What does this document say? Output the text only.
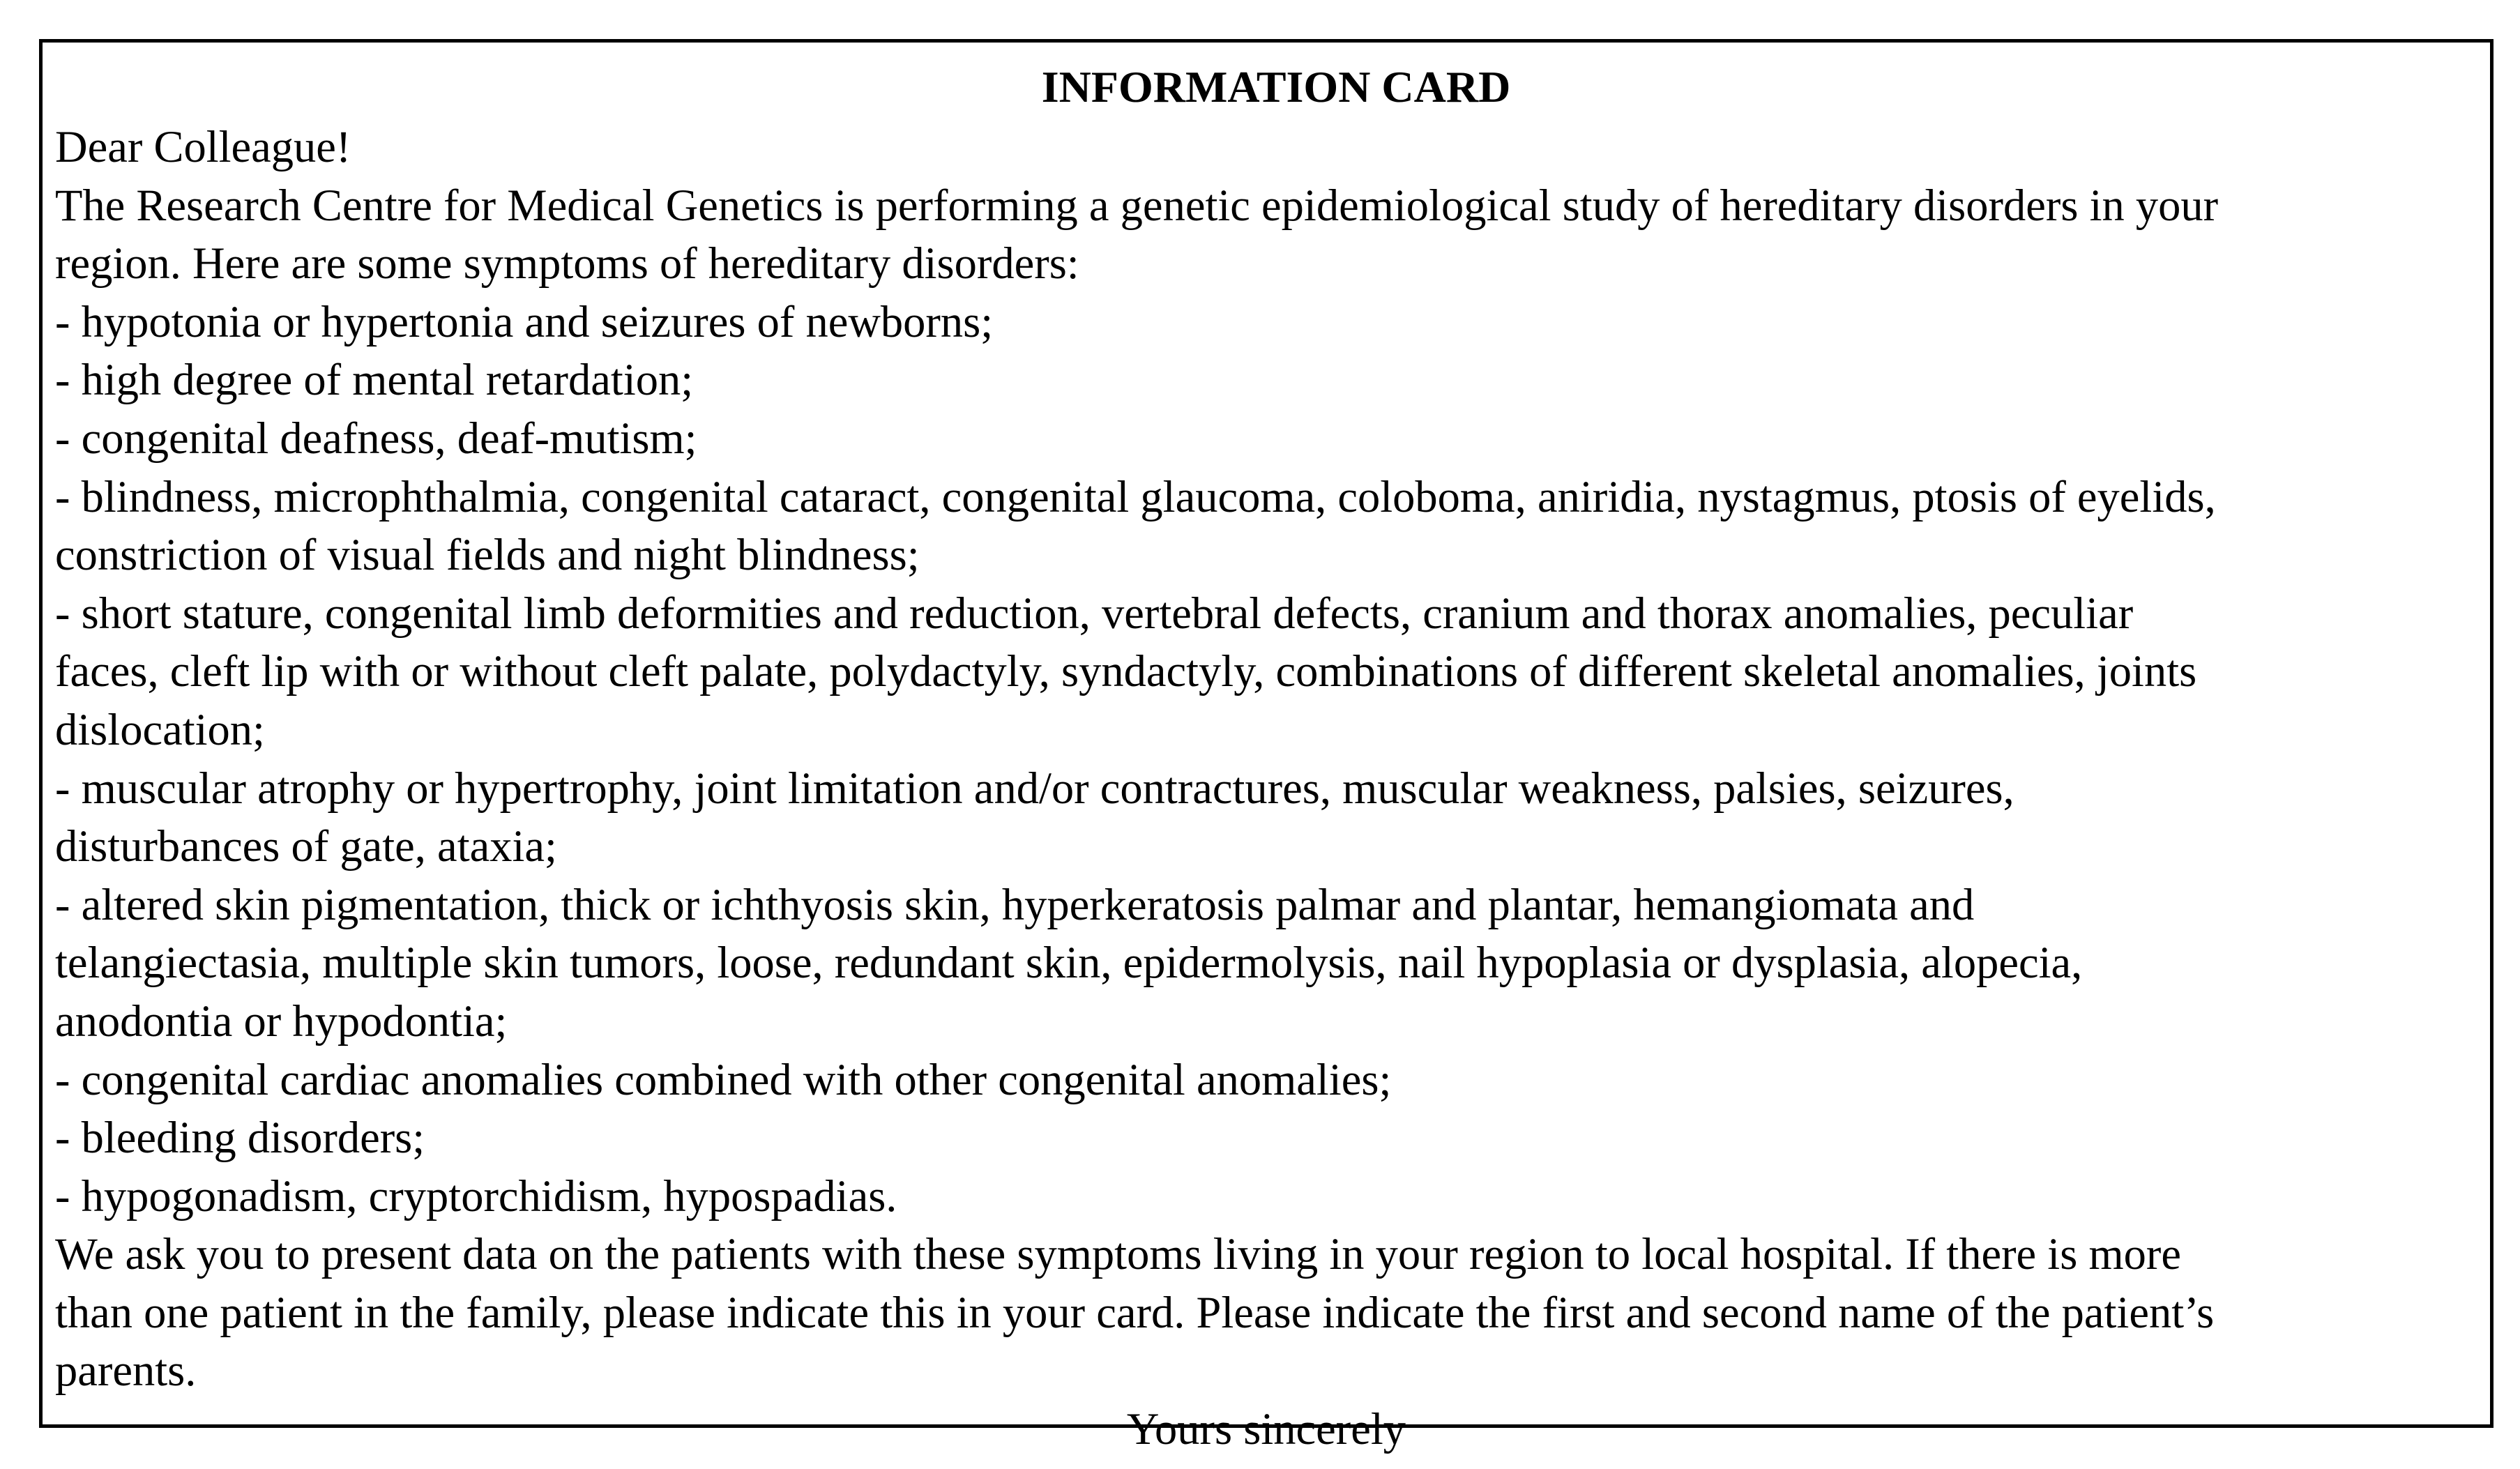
INFORMATION CARD

Dear Colleague!

The Research Centre for Medical Genetics is performing a genetic epidemiological study of hereditary disorders in your

region. Here are some symptoms of hereditary disorders:

- hypotonia or hypertonia and seizures of newborns;

- high degree of mental retardation;

- congenital deafness, deaf-mutism;

- blindness, microphthalmia, congenital cataract, congenital glaucoma, coloboma, aniridia, nystagmus, ptosis of eyelids,

constriction of visual fields and night blindness;

- short stature, congenital limb deformities and reduction, vertebral defects, cranium and thorax anomalies, peculiar

faces, cleft lip with or without cleft palate, polydactyly, syndactyly, combinations of different skeletal anomalies, joints

dislocation;

- muscular atrophy or hypertrophy, joint limitation and/or contractures, muscular weakness, palsies, seizures,

disturbances of gate, ataxia;

- altered skin pigmentation, thick or ichthyosis skin, hyperkeratosis palmar and plantar, hemangiomata and

telangiectasia, multiple skin tumors, loose, redundant skin, epidermolysis, nail hypoplasia or dysplasia, alopecia,

anodontia or hypodontia;

- congenital cardiac anomalies combined with other congenital anomalies;

- bleeding disorders;

- hypogonadism, cryptorchidism, hypospadias.

We ask you to present data on the patients with these symptoms living in your region to local hospital. If there is more

than one patient in the family, please indicate this in your card. Please indicate the first and second name of the patient’s

parents.

Yours sincerely
